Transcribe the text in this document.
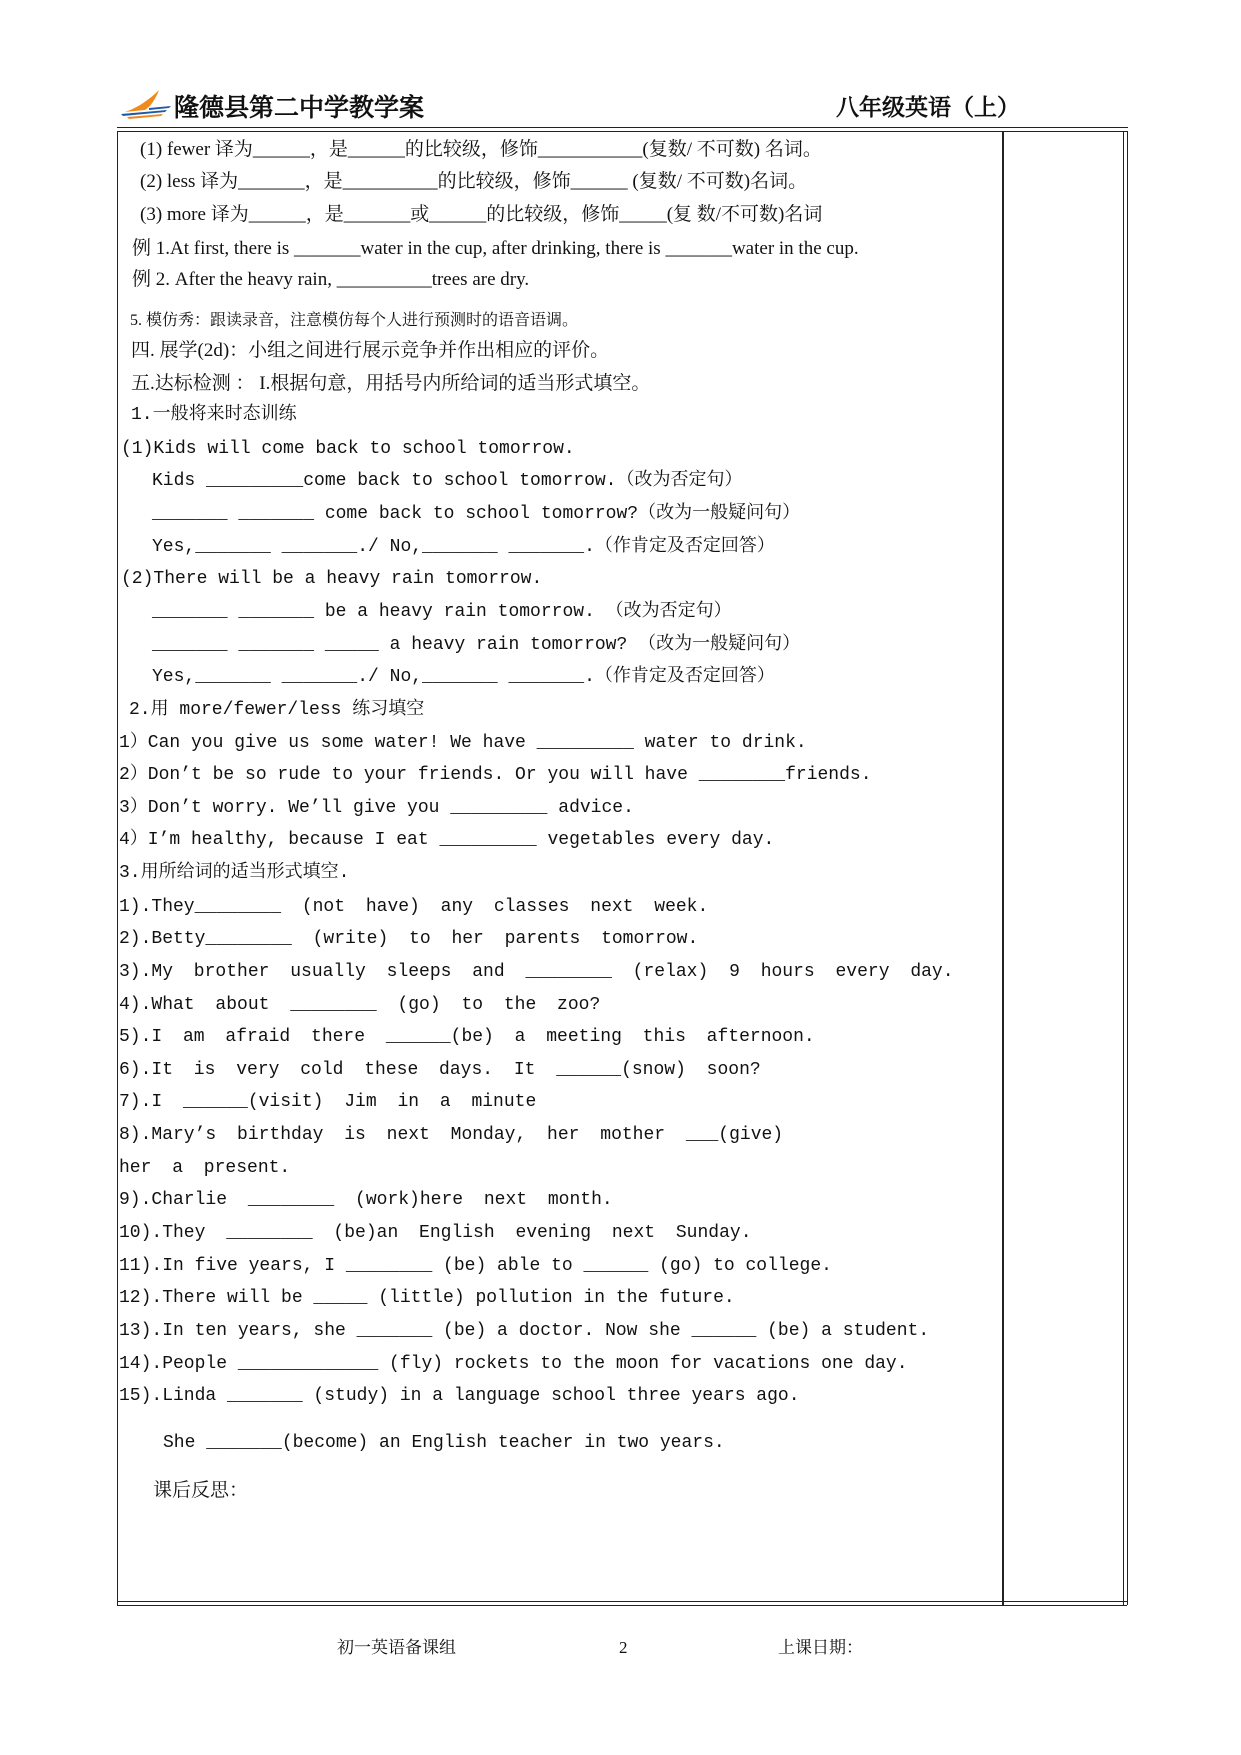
隆德县第二中学教学案	八年级英语（上）
(1) fewer 译为______，是______的比较级，修饰___________(复数/ 不可数) 名词。
(2) less 译为_______，是__________的比较级，修饰______ (复数/ 不可数)名词。
(3) more 译为______，是_______或______的比较级，修饰_____(复 数/不可数)名词
例 1.At first, there is _______water in the cup, after drinking, there is _______water in the cup.
例 2. After the heavy rain, __________trees are dry.
5. 模仿秀：跟读录音，注意模仿每个人进行预测时的语音语调。
四. 展学(2d)：小组之间进行展示竞争并作出相应的评价。
五.达标检测 ： I.根据句意，用括号内所给词的适当形式填空。
1.一般将来时态训练
(1)Kids will come back to school tomorrow.
Kids _________come back to school tomorrow.（改为否定句）
_______ _______ come back to school tomorrow?（改为一般疑问句）
Yes,_______ _______./ No,_______ _______.（作肯定及否定回答）
(2)There will be a heavy rain tomorrow.
_______ _______ be a heavy rain tomorrow. （改为否定句）
_______ _______ _____ a heavy rain tomorrow? （改为一般疑问句）
Yes,_______ _______./ No,_______ _______.（作肯定及否定回答）
2.用 more/fewer/less 练习填空
1）Can you give us some water! We have _________ water to drink.
2）Don’t be so rude to your friends. Or you will have ________friends.
3）Don’t worry. We’ll give you _________ advice.
4）I’m healthy, because I eat _________ vegetables every day.
3.用所给词的适当形式填空.
1).They________ (not have) any classes next week.
2).Betty________ (write) to her parents tomorrow.
3).My brother usually sleeps and ________ (relax) 9 hours every day.
4).What about ________ (go) to the zoo?
5).I am afraid there ______(be) a meeting this afternoon.
6).It is very cold these days. It ______(snow) soon?
7).I ______(visit) Jim in a minute
8).Mary’s birthday is next Monday, her mother ___(give)
her a present.
9).Charlie ________ (work)here next month.
10).They ________ (be)an English evening next Sunday.
11).In five years, I ________ (be) able to ______ (go) to college.
12).There will be _____ (little) pollution in the future.
13).In ten years, she _______ (be) a doctor. Now she ______ (be) a student.
14).People _____________ (fly) rockets to the moon for vacations one day.
15).Linda _______ (study) in a language school three years ago.
She _______(become) an English teacher in two years.
课后反思：
初一英语备课组	2	上课日期：
